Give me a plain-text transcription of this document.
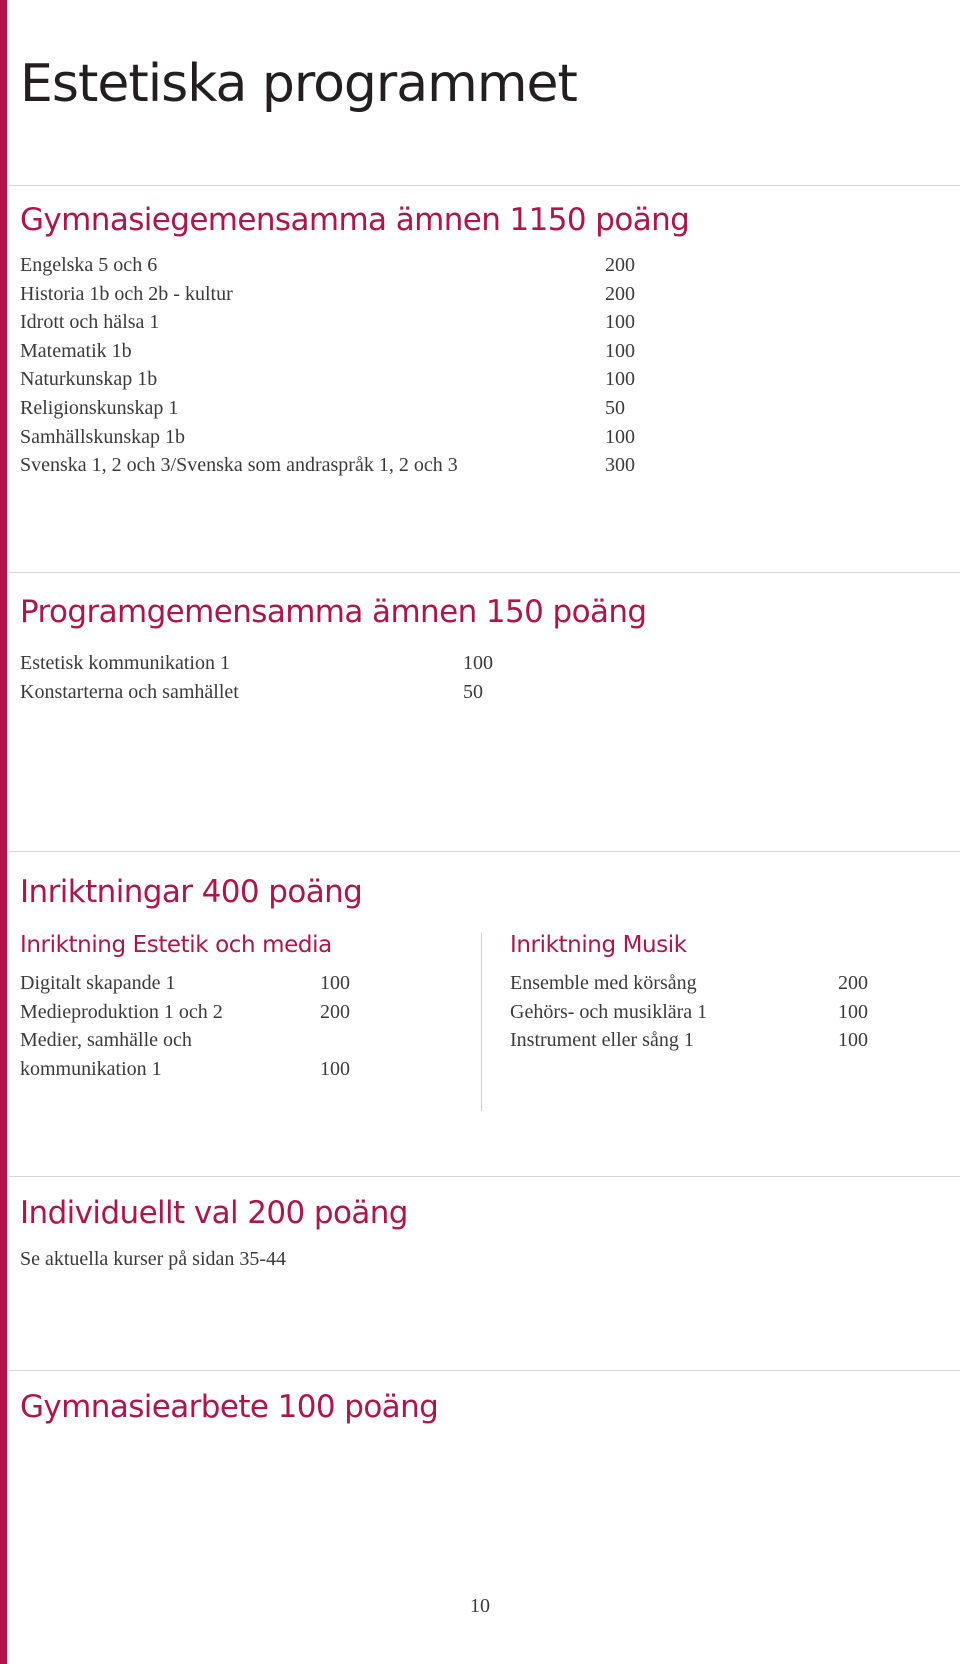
Estetiska programmet
Gymnasiegemensamma ämnen 1150 poäng
Engelska 5 och 6	200
Historia 1b och 2b - kultur	200
Idrott och hälsa 1	100
Matematik 1b	100
Naturkunskap 1b	100
Religionskunskap 1	50
Samhällskunskap 1b	100
Svenska 1, 2 och 3/Svenska som andraspråk 1, 2 och 3	300
Programgemensamma ämnen 150 poäng
Estetisk kommunikation 1	100
Konstarterna och samhället	50
Inriktningar 400 poäng
Inriktning Estetik och media
Digitalt skapande 1	100
Medieproduktion 1 och 2	200
Medier, samhälle och kommunikation 1	100
Inriktning Musik
Ensemble med körsång	200
Gehörs- och musiklära 1	100
Instrument eller sång 1	100
Individuellt val 200 poäng

Se aktuella kurser på sidan 35-44

Gymnasiearbete 100 poäng
10
